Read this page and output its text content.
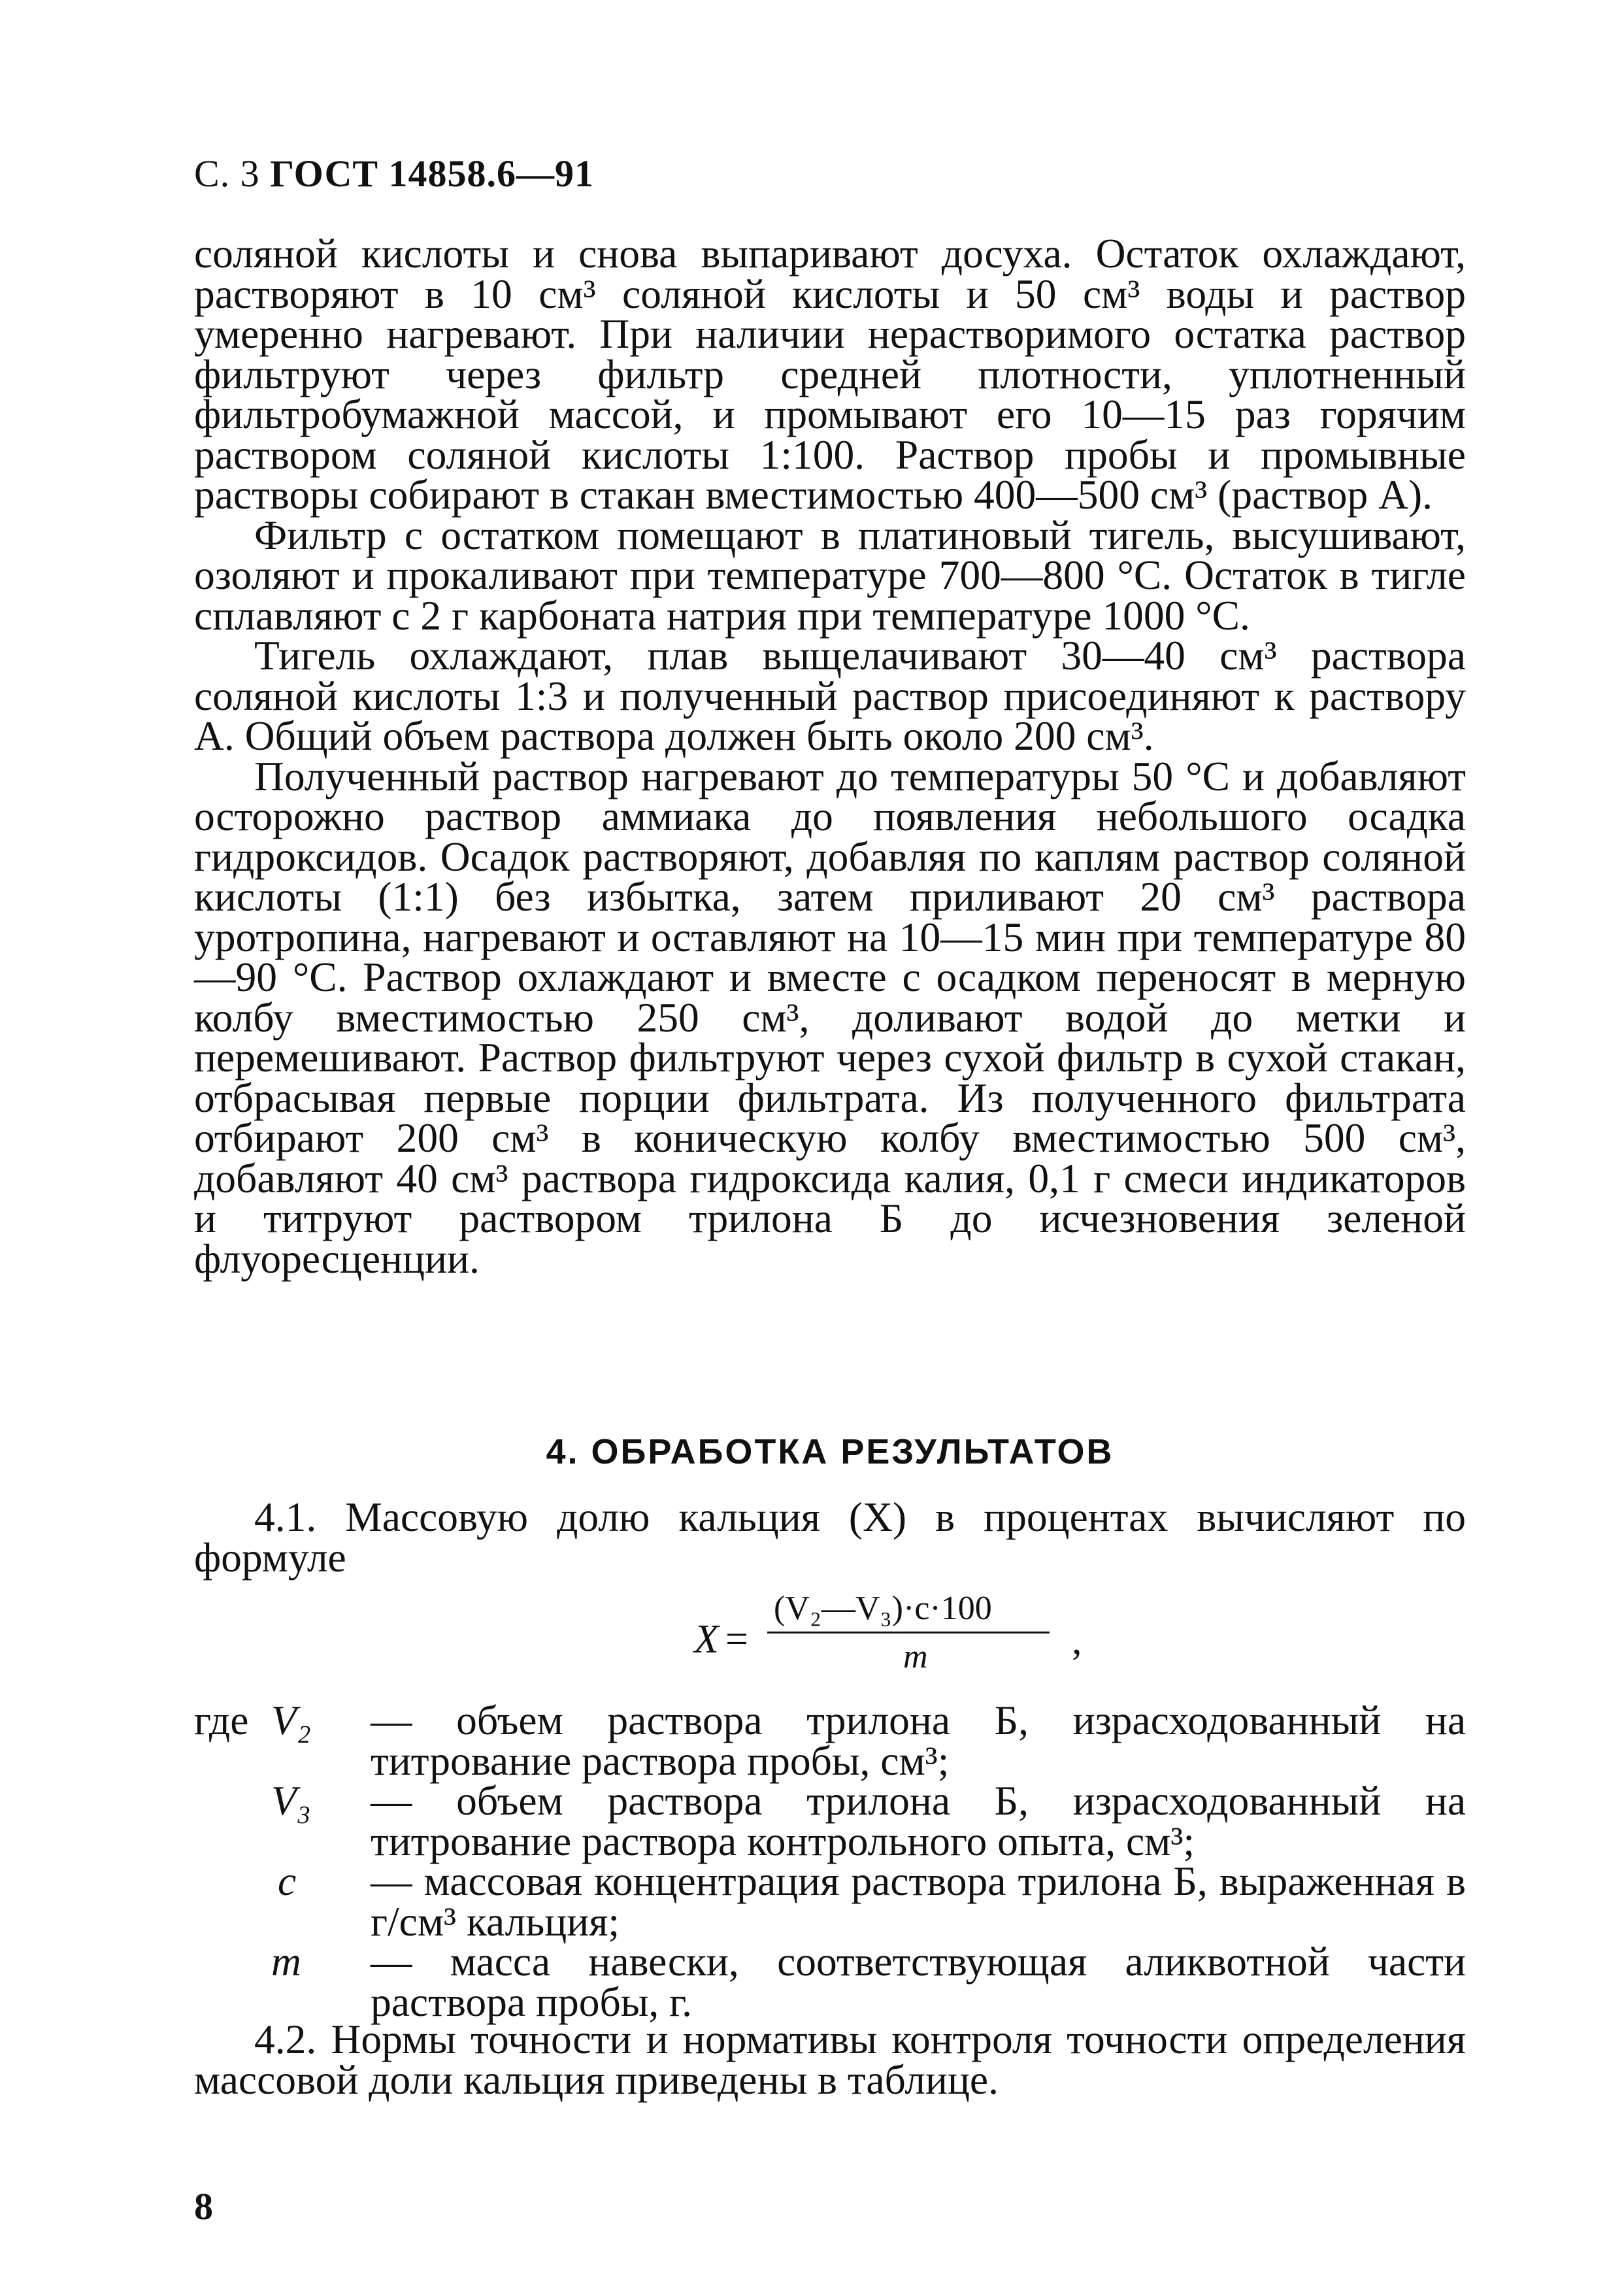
С. 3 ГОСТ 14858.6—91

соляной кислоты и снова выпаривают досуха. Остаток охлаждают, растворяют в 10 см³ соляной кислоты и 50 см³ воды и раствор умеренно нагревают. При наличии нерастворимого остатка раствор фильтруют через фильтр средней плотности, уплотненный фильтробумажной массой, и промывают его 10—15 раз горячим раствором соляной кислоты 1:100. Раствор пробы и промывные растворы собирают в стакан вместимостью 400—500 см³ (раствор А).

Фильтр с остатком помещают в платиновый тигель, высушивают, озоляют и прокаливают при температуре 700—800 °С. Остаток в тигле сплавляют с 2 г карбоната натрия при температуре 1000 °С.

Тигель охлаждают, плав выщелачивают 30—40 см³ раствора соляной кислоты 1:3 и полученный раствор присоединяют к раствору А. Общий объем раствора должен быть около 200 см³.

Полученный раствор нагревают до температуры 50 °С и добавляют осторожно раствор аммиака до появления небольшого осадка гидроксидов. Осадок растворяют, добавляя по каплям раствор соляной кислоты (1:1) без избытка, затем приливают 20 см³ раствора уротропина, нагревают и оставляют на 10—15 мин при температуре 80—90 °С. Раствор охлаждают и вместе с осадком переносят в мерную колбу вместимостью 250 см³, доливают водой до метки и перемешивают. Раствор фильтруют через сухой фильтр в сухой стакан, отбрасывая первые порции фильтрата. Из полученного фильтрата отбирают 200 см³ в коническую колбу вместимостью 500 см³, добавляют 40 см³ раствора гидроксида калия, 0,1 г смеси индикаторов и титруют раствором трилона Б до исчезновения зеленой флуоресценции.

4. ОБРАБОТКА РЕЗУЛЬТАТОВ

4.1. Массовую долю кальция (X) в процентах вычисляют по формуле

X =
(V₂—V₃)·c·100
m	,
где V₂ — объем раствора трилона Б, израсходованный на титрование раствора пробы, см³;
V₃ — объем раствора трилона Б, израсходованный на титрование раствора контрольного опыта, см³;
c — массовая концентрация раствора трилона Б, выраженная в г/см³ кальция;
m — масса навески, соответствующая аликвотной части раствора пробы, г.

4.2. Нормы точности и нормативы контроля точности определения массовой доли кальция приведены в таблице.

8
